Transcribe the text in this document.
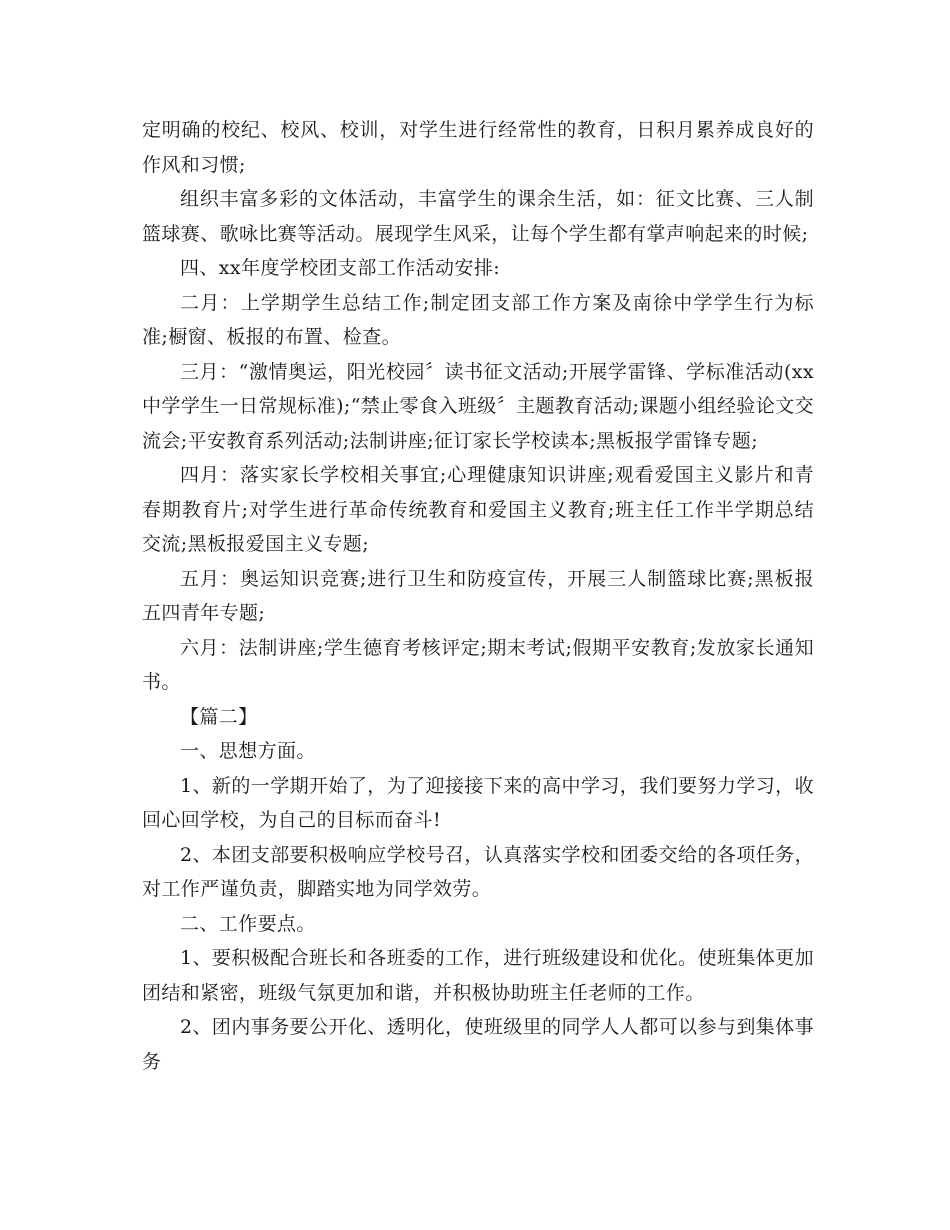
定明确的校纪、校风、校训，对学生进行经常性的教育，日积月累养成良好的作风和习惯;

组织丰富多彩的文体活动，丰富学生的课余生活，如：征文比赛、三人制篮球赛、歌咏比赛等活动。展现学生风采，让每个学生都有掌声响起来的时候;

四、xx年度学校团支部工作活动安排:

二月：上学期学生总结工作;制定团支部工作方案及南徐中学学生行为标准;橱窗、板报的布置、检查。

三月：“激情奥运，阳光校园〞读书征文活动;开展学雷锋、学标准活动(xx中学学生一日常规标准);“禁止零食入班级〞主题教育活动;课题小组经验论文交流会;平安教育系列活动;法制讲座;征订家长学校读本;黑板报学雷锋专题;

四月：落实家长学校相关事宜;心理健康知识讲座;观看爱国主义影片和青春期教育片;对学生进行革命传统教育和爱国主义教育;班主任工作半学期总结交流;黑板报爱国主义专题;

五月：奥运知识竞赛;进行卫生和防疫宣传，开展三人制篮球比赛;黑板报五四青年专题;

六月：法制讲座;学生德育考核评定;期末考试;假期平安教育;发放家长通知书。

【篇二】

一、思想方面。

1、新的一学期开始了，为了迎接接下来的高中学习，我们要努力学习，收回心回学校，为自己的目标而奋斗!

2、本团支部要积极响应学校号召，认真落实学校和团委交给的各项任务，对工作严谨负责，脚踏实地为同学效劳。

二、工作要点。

1、要积极配合班长和各班委的工作，进行班级建设和优化。使班集体更加团结和紧密，班级气氛更加和谐，并积极协助班主任老师的工作。

2、团内事务要公开化、透明化，使班级里的同学人人都可以参与到集体事务
